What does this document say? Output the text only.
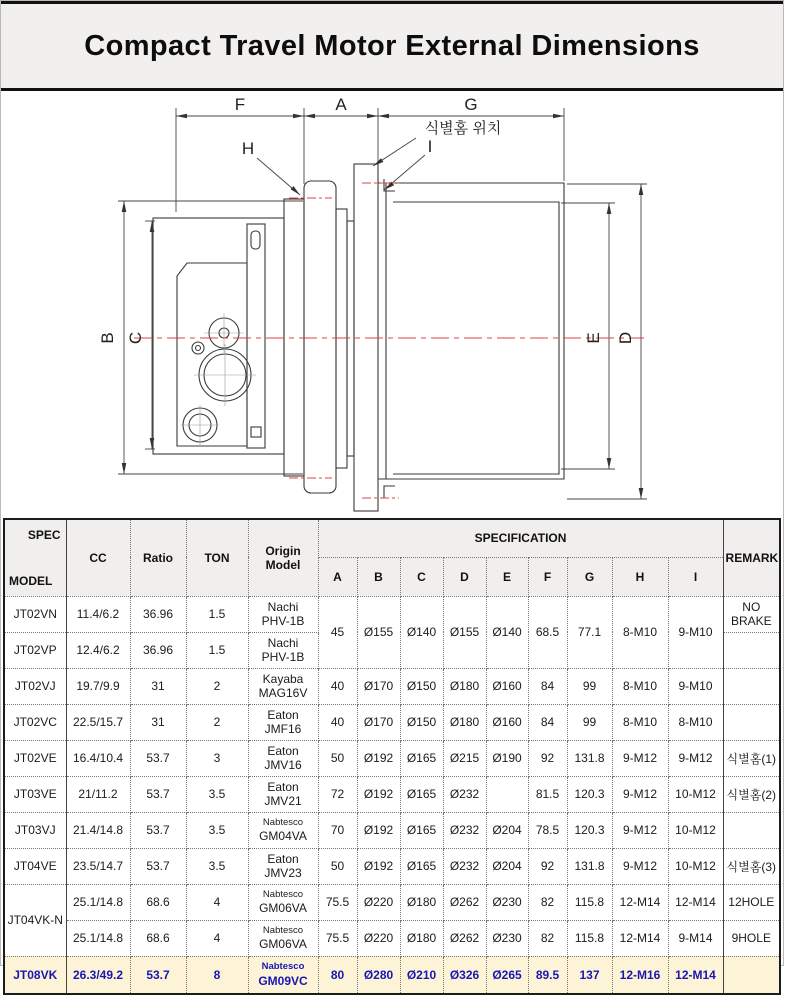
Compact Travel Motor External Dimensions
F	A	G
H	I
식별홈 위치
B C	E D
SPEC
MODEL	CC	Ratio	TON	Origin Model	SPECIFICATION									REMARK
					A	B	C	D	E	F	G	H	I	
JT02VN	11.4/6.2	36.96	1.5	Nachi
PHV-1B	45	Ø155	Ø140	Ø155	Ø140	68.5	77.1	8-M10	9-M10	NO BRAKE
JT02VP	12.4/6.2	36.96	1.5	Nachi
PHV-1B										

JT02VJ	19.7/9.9	31	2	Kayaba
MAG16V	40	Ø170	Ø150	Ø180	Ø160	84	99	8-M10	9-M10	
JT02VC	22.5/15.7	31	2	Eaton
JMF16	40	Ø170	Ø150	Ø180	Ø160	84	99	8-M10	8-M10	
JT02VE	16.4/10.4	53.7	3	Eaton
JMV16	50	Ø192	Ø165	Ø215	Ø190	92	131.8	9-M12	9-M12	식별홈(1)
JT03VE	21/11.2	53.7	3.5	Eaton
JMV21	72	Ø192	Ø165	Ø232		81.5	120.3	9-M12	10-M12	식별홈(2)
JT03VJ	21.4/14.8	53.7	3.5	Nabtesco
GM04VA	70	Ø192	Ø165	Ø232	Ø204	78.5	120.3	9-M12	10-M12	
JT04VE	23.5/14.7	53.7	3.5	Eaton
JMV23	50	Ø192	Ø165	Ø232	Ø204	92	131.8	9-M12	10-M12	식별홈(3)
JT04VK-N	25.1/14.8	68.6	4	Nabtesco
GM06VA	75.5	Ø220	Ø180	Ø262	Ø230	82	115.8	12-M14	12-M14	12HOLE
	25.1/14.8	68.6	4	Nabtesco
GM06VA	75.5	Ø220	Ø180	Ø262	Ø230	82	115.8	12-M14	9-M14	9HOLE
JT08VK	26.3/49.2	53.7	8	Nabtesco
GM09VC	80	Ø280	Ø210	Ø326	Ø265	89.5	137	12-M16	12-M14	
